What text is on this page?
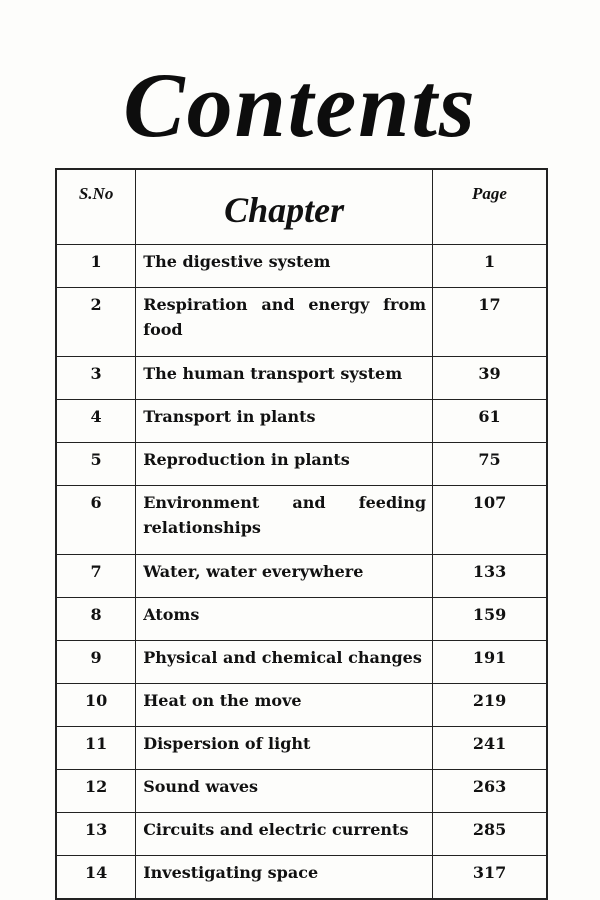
Contents
S.No	Chapter	Page
1	The digestive system	1
2	Respiration and energy from food	17
3	The human transport system	39
4	Transport in plants	61
5	Reproduction in plants	75
6	Environment and feeding relationships	107
7	Water, water everywhere	133
8	Atoms	159
9	Physical and chemical changes	191
10	Heat on the move	219
11	Dispersion of light	241
12	Sound waves	263
13	Circuits and electric currents	285
14	Investigating space	317
